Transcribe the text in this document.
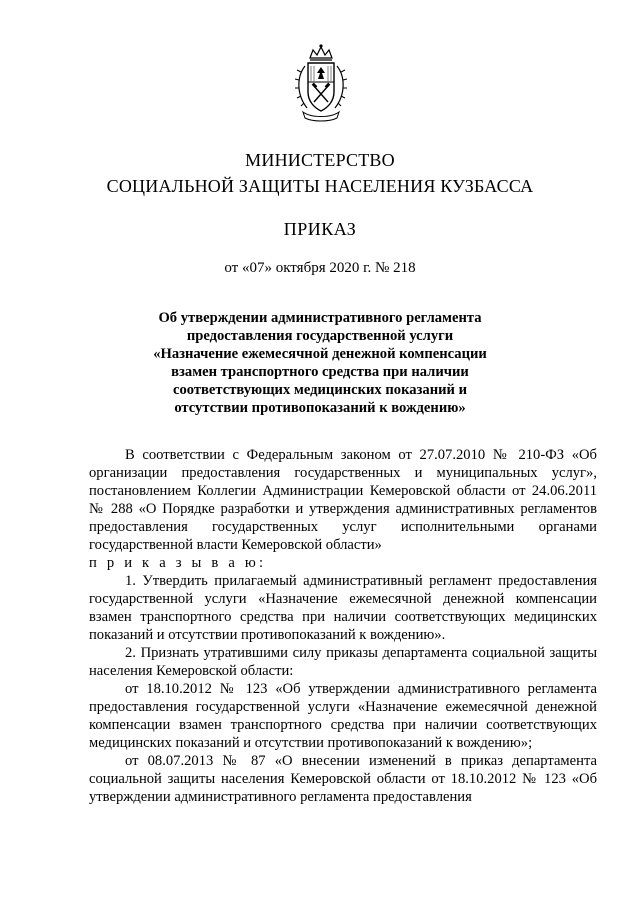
МИНИСТЕРСТВО
СОЦИАЛЬНОЙ ЗАЩИТЫ НАСЕЛЕНИЯ КУЗБАССА
ПРИКАЗ
от «07» октября 2020 г. № 218
Об утверждении административного регламента
предоставления государственной услуги
«Назначение ежемесячной денежной компенсации
взамен транспортного средства при наличии
соответствующих медицинских показаний и
отсутствии противопоказаний к вождению»

В соответствии с Федеральным законом от 27.07.2010 № 210-ФЗ «Об организации предоставления государственных и муниципальных услуг», постановлением Коллегии Администрации Кемеровской области от 24.06.2011 № 288 «О Порядке разработки и утверждения административных регламентов предоставления государственных услуг исполнительными органами государственной власти Кемеровской области»

п р и к а з ы в а ю:

1. Утвердить прилагаемый административный регламент предоставления государственной услуги «Назначение ежемесячной денежной компенсации взамен транспортного средства при наличии соответствующих медицинских показаний и отсутствии противопоказаний к вождению».

2. Признать утратившими силу приказы департамента социальной защиты населения Кемеровской области:

от 18.10.2012 № 123 «Об утверждении административного регламента предоставления государственной услуги «Назначение ежемесячной денежной компенсации взамен транспортного средства при наличии соответствующих медицинских показаний и отсутствии противопоказаний к вождению»;

от 08.07.2013 № 87 «О внесении изменений в приказ департамента социальной защиты населения Кемеровской области от 18.10.2012 № 123 «Об утверждении административного регламента предоставления
